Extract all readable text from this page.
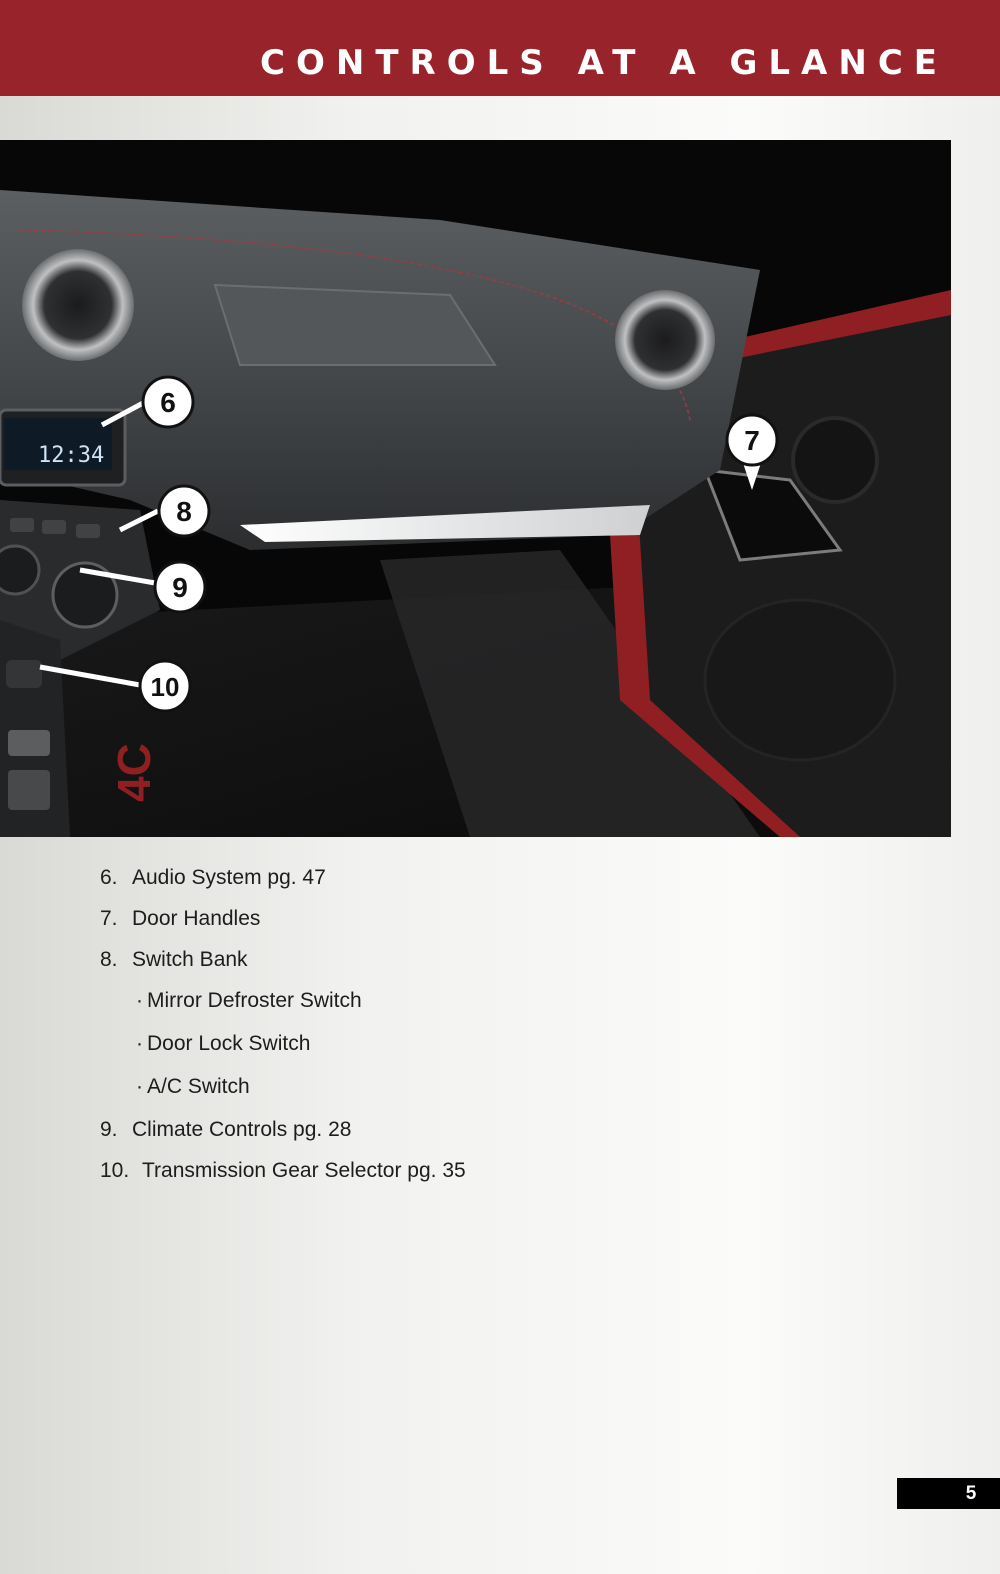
CONTROLS AT A GLANCE
12:34
4C
6
7
8
9
10
6. Audio System pg. 47
7. Door Handles
8. Switch Bank
· Mirror Defroster Switch
· Door Lock Switch
· A/C Switch
9. Climate Controls pg. 28
10. Transmission Gear Selector pg. 35
5
